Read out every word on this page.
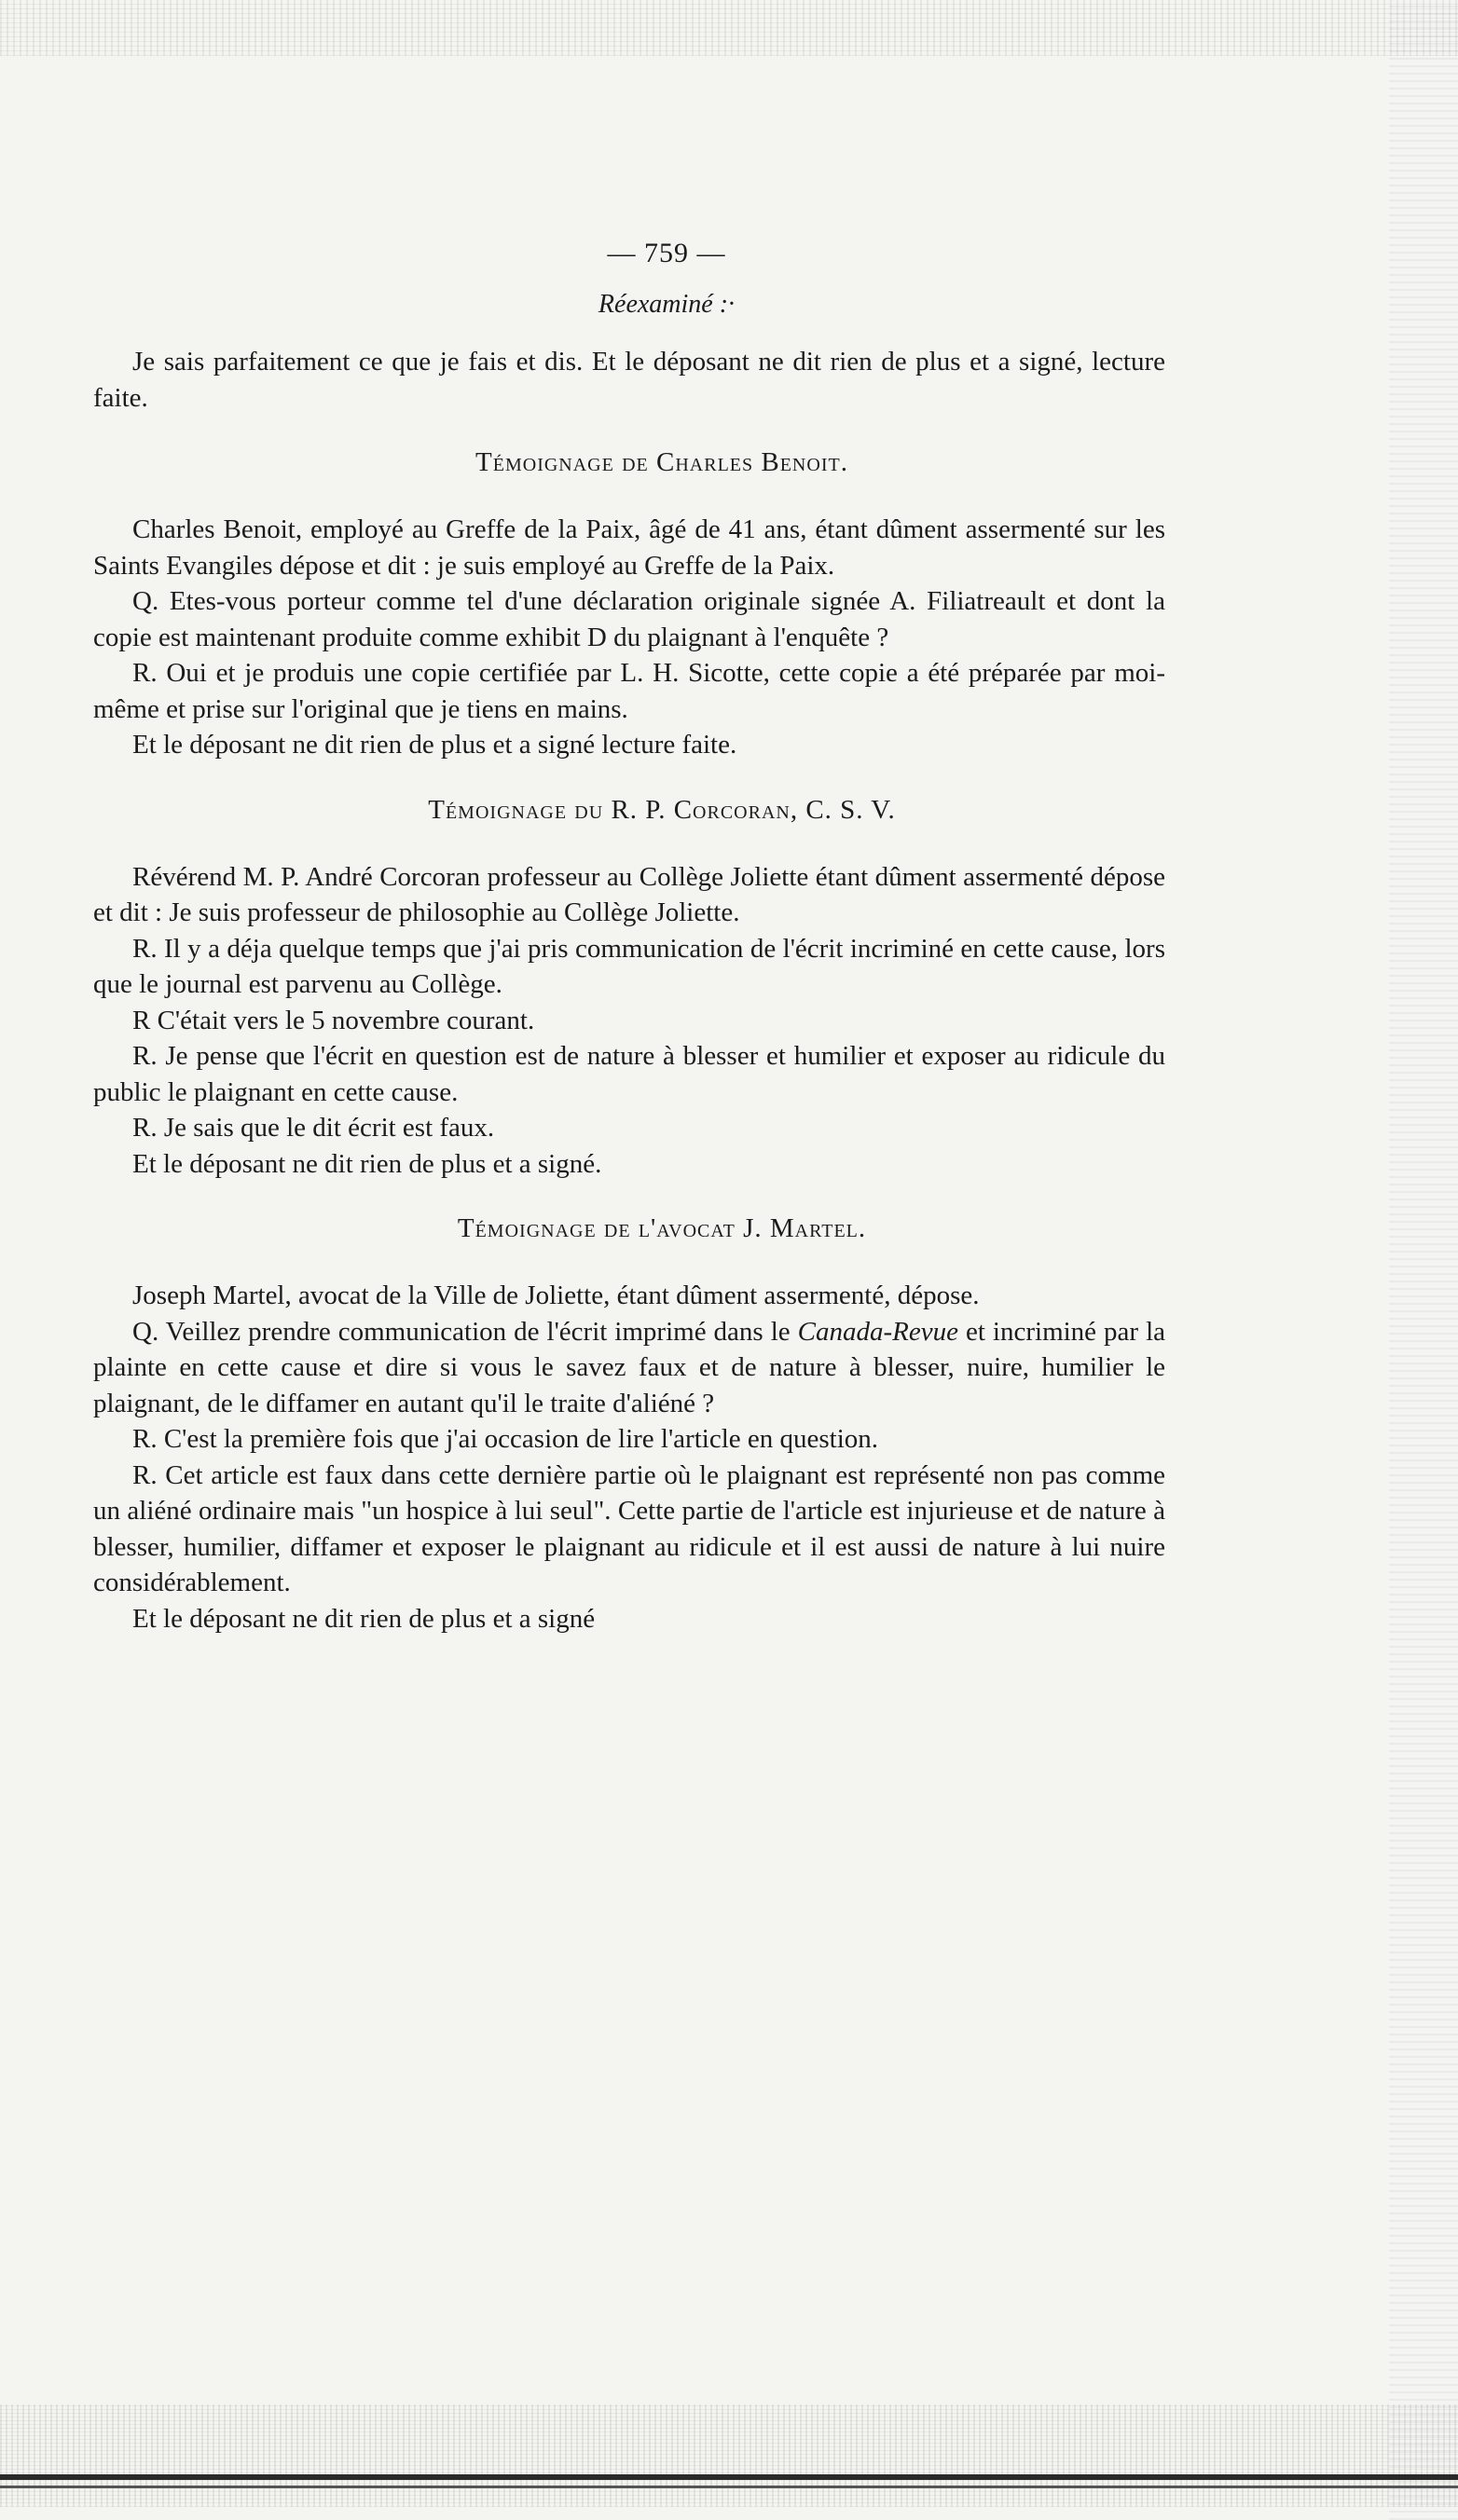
— 759 —
Réexaminé :·

Je sais parfaitement ce que je fais et dis. Et le déposant ne dit rien de plus et a signé, lecture faite.

Témoignage de Charles Benoit.

Charles Benoit, employé au Greffe de la Paix, âgé de 41 ans, étant dûment assermenté sur les Saints Evangiles dépose et dit : je suis employé au Greffe de la Paix.

Q. Etes-vous porteur comme tel d'une déclaration originale signée A. Filiatreault et dont la copie est maintenant produite comme exhibit D du plaignant à l'enquête ?

R. Oui et je produis une copie certifiée par L. H. Sicotte, cette copie a été préparée par moi-même et prise sur l'original que je tiens en mains.

Et le déposant ne dit rien de plus et a signé lecture faite.

Témoignage du R. P. Corcoran, C. S. V.

Révérend M. P. André Corcoran professeur au Collège Joliette étant dûment assermenté dépose et dit : Je suis professeur de philosophie au Collège Joliette.

R. Il y a déja quelque temps que j'ai pris communication de l'écrit incriminé en cette cause, lors que le journal est parvenu au Collège.

R C'était vers le 5 novembre courant.

R. Je pense que l'écrit en question est de nature à blesser et humilier et exposer au ridicule du public le plaignant en cette cause.

R. Je sais que le dit écrit est faux.

Et le déposant ne dit rien de plus et a signé.

Témoignage de l'avocat J. Martel.

Joseph Martel, avocat de la Ville de Joliette, étant dûment assermenté, dépose.

Q. Veillez prendre communication de l'écrit imprimé dans le Canada-Revue et incriminé par la plainte en cette cause et dire si vous le savez faux et de nature à blesser, nuire, humilier le plaignant, de le diffamer en autant qu'il le traite d'aliéné ?

R. C'est la première fois que j'ai occasion de lire l'article en question.

R. Cet article est faux dans cette dernière partie où le plaignant est représenté non pas comme un aliéné ordinaire mais "un hospice à lui seul". Cette partie de l'article est injurieuse et de nature à blesser, humilier, diffamer et exposer le plaignant au ridicule et il est aussi de nature à lui nuire considérablement.

Et le déposant ne dit rien de plus et a signé
